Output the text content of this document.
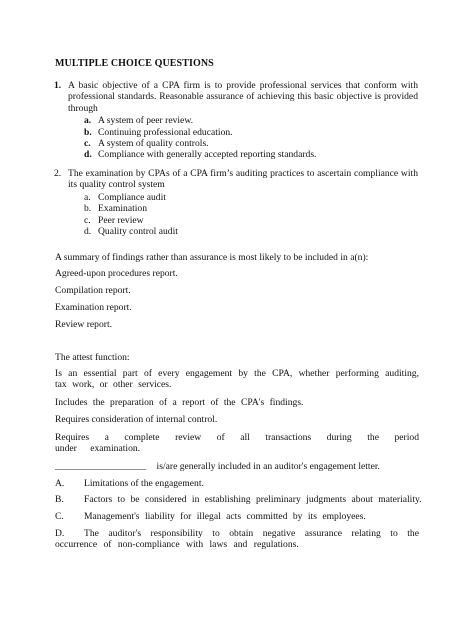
MULTIPLE CHOICE QUESTIONS
1. A basic objective of a CPA firm is to provide professional services that conform with professional standards. Reasonable assurance of achieving this basic objective is provided through
a. A system of peer review.
b. Continuing professional education.
c. A system of quality controls.
d. Compliance with generally accepted reporting standards.
2. The examination by CPAs of a CPA firm’s auditing practices to ascertain compliance with its quality control system
a. Compliance audit
b. Examination
c. Peer review
d. Quality control audit
A summary of findings rather than assurance is most likely to be included in a(n):
Agreed-upon procedures report.
Compilation report.
Examination report.
Review report.
The attest function:
Is an essential part of every engagement by the CPA, whether performing auditing, tax work, or other services.
Includes the preparation of a report of the CPA's findings.
Requires consideration of internal control.
Requires a complete review of all transactions during the period under examination.
___________________ is/are generally included in an auditor's engagement letter.
A. Limitations of the engagement.
B. Factors to be considered in establishing preliminary judgments about materiality.
C. Management's liability for illegal acts committed by its employees.
D.	The auditor's responsibility to obtain negative assurance relating to the occurrence of non-compliance with laws and regulations.
